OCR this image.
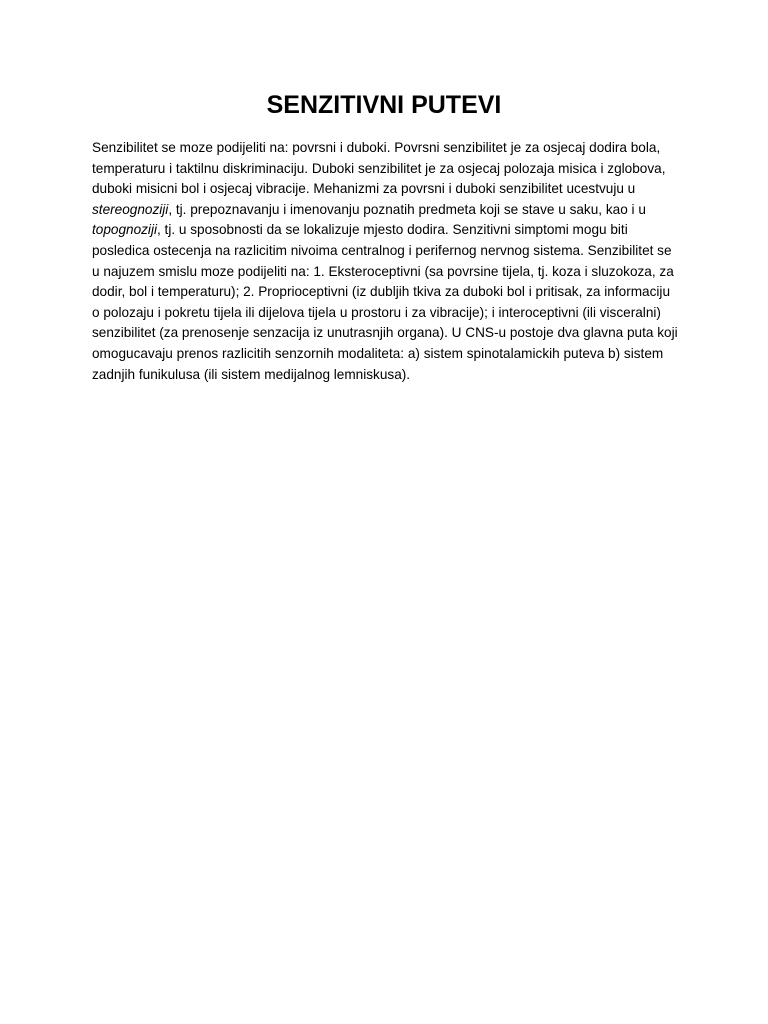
SENZITIVNI PUTEVI

Senzibilitet se moze podijeliti na: povrsni i duboki. Povrsni senzibilitet je za osjecaj dodira bola, temperaturu i taktilnu diskriminaciju. Duboki senzibilitet je za osjecaj polozaja misica i zglobova, duboki misicni bol i osjecaj vibracije. Mehanizmi za povrsni i duboki senzibilitet ucestvuju u stereognoziji, tj. prepoznavanju i imenovanju poznatih predmeta koji se stave u saku, kao i u topognoziji, tj. u sposobnosti da se lokalizuje mjesto dodira. Senzitivni simptomi mogu biti posledica ostecenja na razlicitim nivoima centralnog i perifernog nervnog sistema. Senzibilitet se u najuzem smislu moze podijeliti na: 1. Eksteroceptivni (sa povrsine tijela, tj. koza i sluzokoza, za dodir, bol i temperaturu); 2. Proprioceptivni (iz dubljih tkiva za duboki bol i pritisak, za informaciju o polozaju i pokretu tijela ili dijelova tijela u prostoru i za vibracije); i interoceptivni (ili visceralni) senzibilitet (za prenosenje senzacija iz unutrasnjih organa). U CNS-u postoje dva glavna puta koji omogucavaju prenos razlicitih senzornih modaliteta: a) sistem spinotalamickih puteva b) sistem zadnjih funikulusa (ili sistem medijalnog lemniskusa).
